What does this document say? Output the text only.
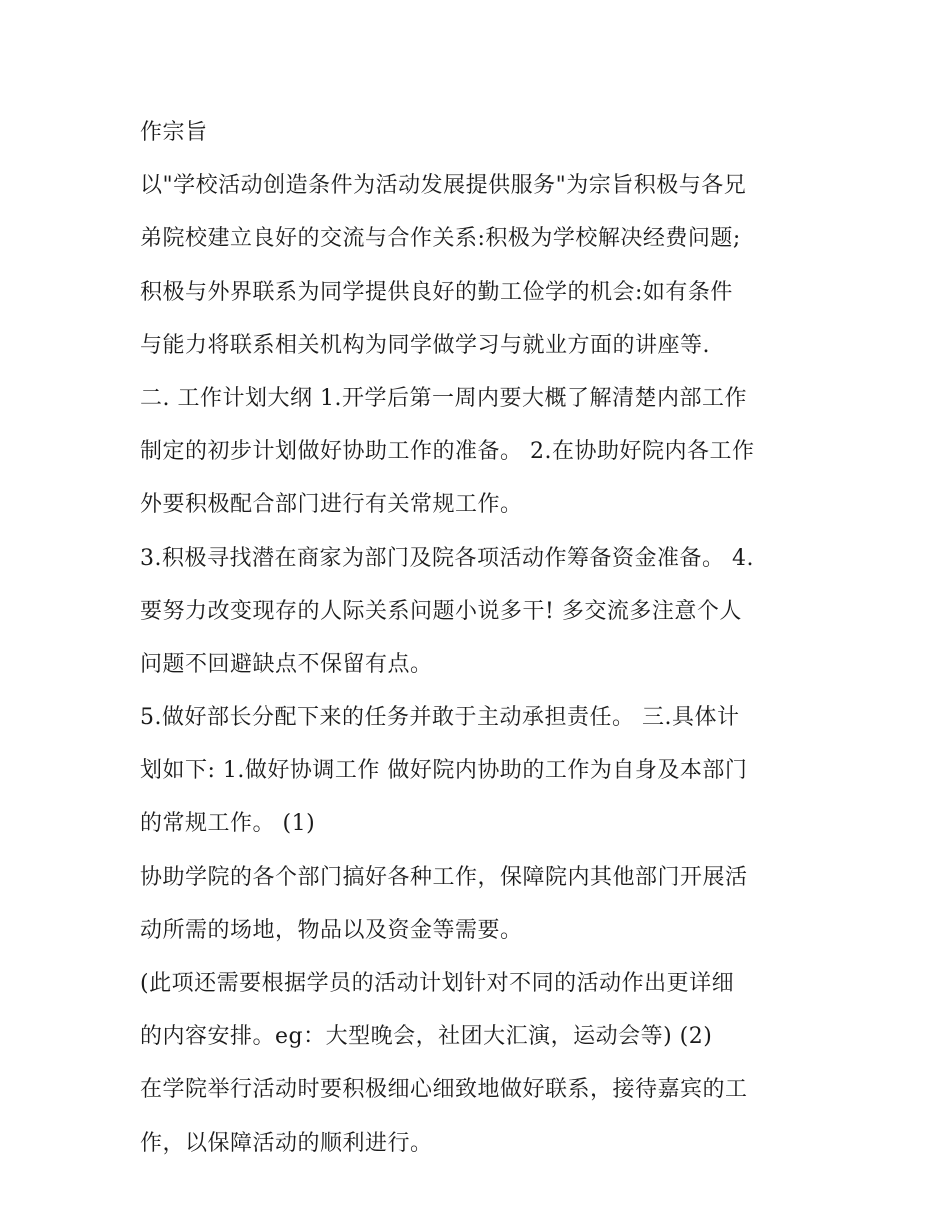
作宗旨
以"学校活动创造条件为活动发展提供服务"为宗旨积极与各兄
弟院校建立良好的交流与合作关系:积极为学校解决经费问题;
积极与外界联系为同学提供良好的勤工俭学的机会:如有条件
与能力将联系相关机构为同学做学习与就业方面的讲座等.
二. 工作计划大纲 1.开学后第一周内要大概了解清楚内部工作
制定的初步计划做好协助工作的准备。 2.在协助好院内各工作
外要积极配合部门进行有关常规工作。
3.积极寻找潜在商家为部门及院各项活动作筹备资金准备。 4.
要努力改变现存的人际关系问题小说多干! 多交流多注意个人
问题不回避缺点不保留有点。
5.做好部长分配下来的任务并敢于主动承担责任。 三.具体计
划如下: 1.做好协调工作 做好院内协助的工作为自身及本部门
的常规工作。 (1)
协助学院的各个部门搞好各种工作，保障院内其他部门开展活
动所需的场地，物品以及资金等需要。
(此项还需要根据学员的活动计划针对不同的活动作出更详细
的内容安排。eg：大型晚会，社团大汇演，运动会等) (2)
在学院举行活动时要积极细心细致地做好联系，接待嘉宾的工
作，以保障活动的顺利进行。
